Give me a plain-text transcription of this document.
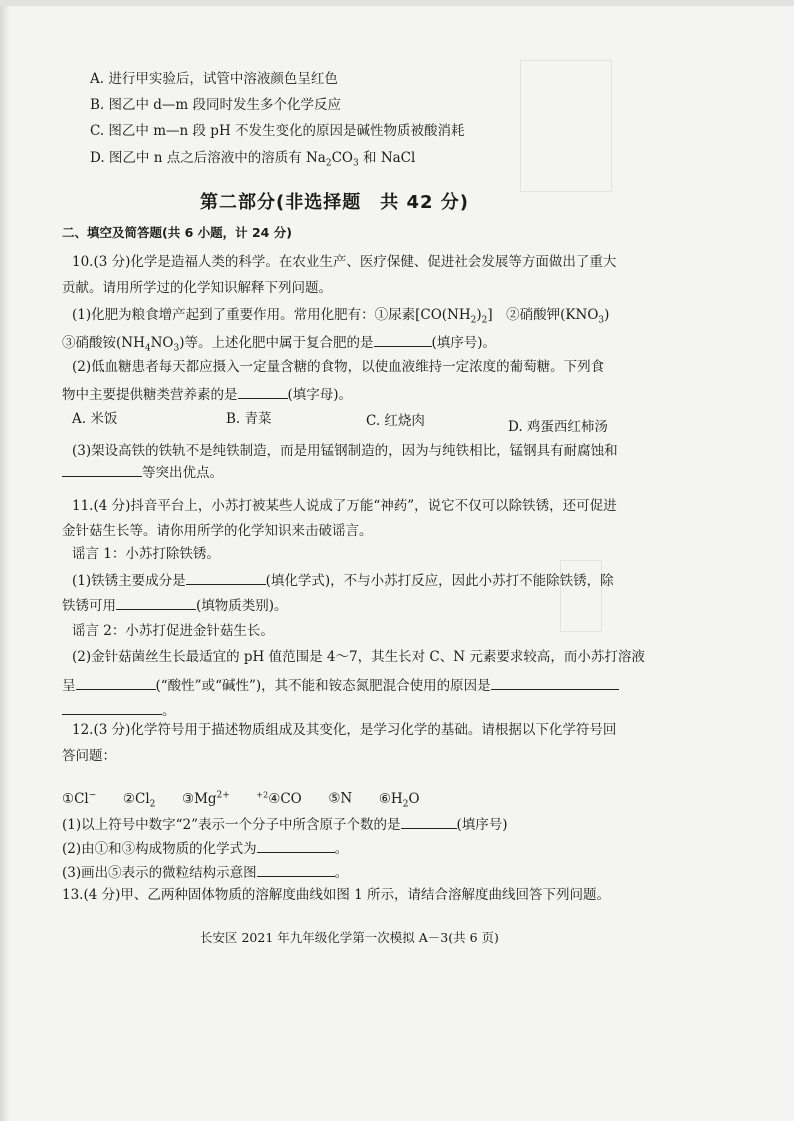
A. 进行甲实验后，试管中溶液颜色呈红色
B. 图乙中 d—m 段同时发生多个化学反应
C. 图乙中 m—n 段 pH 不发生变化的原因是碱性物质被酸消耗
D. 图乙中 n 点之后溶液中的溶质有 $Na_2CO_3$ 和 NaCl
第二部分(非选择题　共 42 分)
二、填空及简答题(共 6 小题，计 24 分)
10.(3 分)化学是造福人类的科学。在农业生产、医疗保健、促进社会发展等方面做出了重大
贡献。请用所学过的化学知识解释下列问题。
(1)化肥为粮食增产起到了重要作用。常用化肥有：①尿素$[CO(NH_2)_2]$　②硝酸钾$(KNO_3)$
③硝酸铵$(NH_4NO_3)$等。上述化肥中属于复合肥的是	(填序号)。
(2)低血糖患者每天都应摄入一定量含糖的食物，以使血液维持一定浓度的葡萄糖。下列食
物中主要提供糖类营养素的是	(填字母)。
A. 米饭	B. 青菜	C. 红烧肉	D. 鸡蛋西红柿汤
(3)架设高铁的铁轨不是纯铁制造，而是用锰钢制造的，因为与纯铁相比，锰钢具有耐腐蚀和
等突出优点。
11.(4 分)抖音平台上，小苏打被某些人说成了万能“神药”，说它不仅可以除铁锈，还可促进
金针菇生长等。请你用所学的化学知识来击破谣言。
谣言 1：小苏打除铁锈。
(1)铁锈主要成分是	(填化学式)，不与小苏打反应，因此小苏打不能除铁锈，除
铁锈可用	(填物质类别)。
谣言 2：小苏打促进金针菇生长。
(2)金针菇菌丝生长最适宜的 pH 值范围是 4～7，其生长对 C、N 元素要求较高，而小苏打溶液
呈	(“酸性”或“碱性”)，其不能和铵态氮肥混合使用的原因是
。
12.(3 分)化学符号用于描述物质组成及其变化，是学习化学的基础。请根据以下化学符号回
答问题：
①Cl− $②Cl_2$ $③Mg^{2+}$	$^{+2}$④CO ⑤N $⑥H_2O$
(1)以上符号中数字“2”表示一个分子中所含原子个数的是	(填序号)
(2)由①和③构成物质的化学式为	。
(3)画出⑤表示的微粒结构示意图	。
13.(4 分)甲、乙两种固体物质的溶解度曲线如图 1 所示，请结合溶解度曲线回答下列问题。
长安区 2021 年九年级化学第一次模拟 A－3(共 6 页)
